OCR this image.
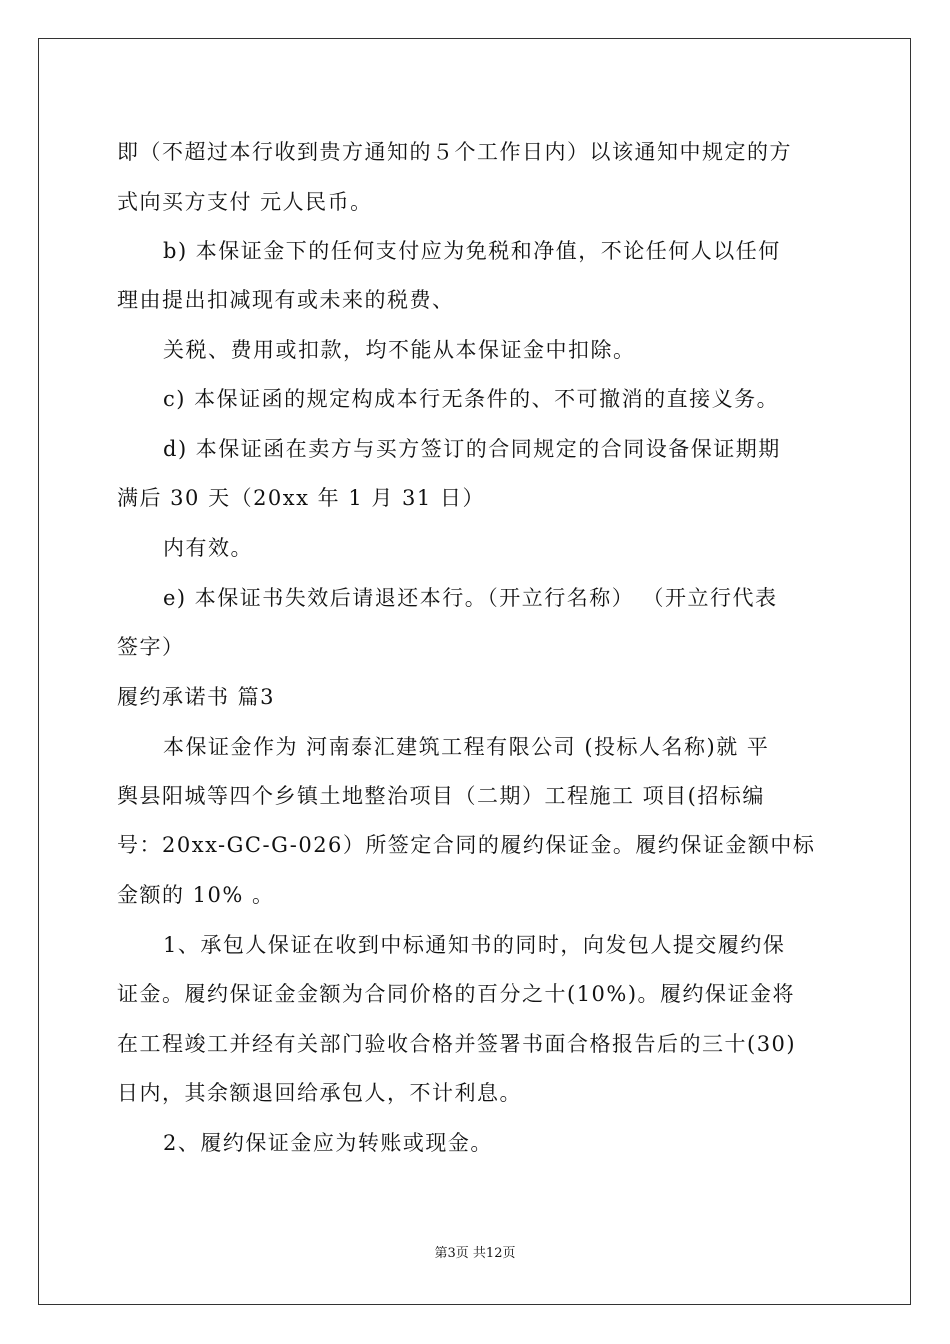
即（不超过本行收到贵方通知的５个工作日内）以该通知中规定的方
式向买方支付 元人民币。
b) 本保证金下的任何支付应为免税和净值，不论任何人以任何
理由提出扣减现有或未来的税费、
关税、费用或扣款，均不能从本保证金中扣除。
c) 本保证函的规定构成本行无条件的、不可撤消的直接义务。
d) 本保证函在卖方与买方签订的合同规定的合同设备保证期期
满后 30 天（20xx 年 1 月 31 日）
内有效。
e) 本保证书失效后请退还本行。（开立行名称） （开立行代表
签字）
履约承诺书 篇3
本保证金作为 河南泰汇建筑工程有限公司 (投标人名称)就 平
舆县阳城等四个乡镇土地整治项目（二期）工程施工 项目(招标编
号：20xx-GC-G-026）所签定合同的履约保证金。履约保证金额中标
金额的 10% 。
1、承包人保证在收到中标通知书的同时，向发包人提交履约保
证金。履约保证金金额为合同价格的百分之十(10%)。履约保证金将
在工程竣工并经有关部门验收合格并签署书面合格报告后的三十(30)
日内，其余额退回给承包人，不计利息。
2、履约保证金应为转账或现金。
第3页 共12页
